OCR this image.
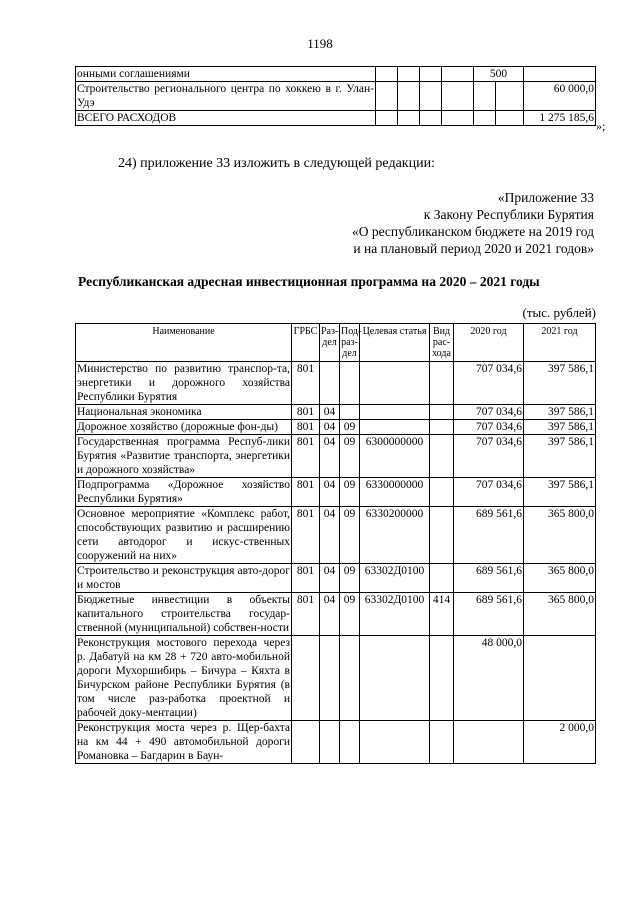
1198
онными соглашениями					500		
Строительство регионального центра по хоккею в г. Улан-Удэ							60 000,0
ВСЕГО РАСХОДОВ							1 275 185,6
»;
24) приложение 33 изложить в следующей редакции:
«Приложение 33
к Закону Республики Бурятия
«О республиканском бюджете на 2019 год
и на плановый период 2020 и 2021 годов»
Республиканская адресная инвестиционная программа на 2020 – 2021 годы
(тыс. рублей)
Наименование	ГРБС	Раз-дел	Под-раз-дел	Целевая статья	Вид рас-хода	2020 год	2021 год
Министерство по развитию транспор-та, энергетики и дорожного хозяйства Республики Бурятия	801					707 034,6	397 586,1
Национальная экономика	801	04				707 034,6	397 586,1
Дорожное хозяйство (дорожные фон-ды)	801	04	09			707 034,6	397 586,1
Государственная программа Респуб-лики Бурятия «Развитие транспорта, энергетики и дорожного хозяйства»	801	04	09	6300000000		707 034,6	397 586,1
Подпрограмма «Дорожное хозяйство Республики Бурятия»	801	04	09	6330000000		707 034,6	397 586,1
Основное мероприятие «Комплекс работ, способствующих развитию и расширению сети автодорог и искус-ственных сооружений на них»	801	04	09	6330200000		689 561,6	365 800,0
Строительство и реконструкция авто-дорог и мостов	801	04	09	63302Д0100		689 561,6	365 800,0
Бюджетные инвестиции в объекты капитального строительства государ-ственной (муниципальной) собствен-ности	801	04	09	63302Д0100	414	689 561,6	365 800,0
Реконструкция мостового перехода через р. Дабатуй на км 28 + 720 авто-мобильной дороги Мухоршибирь – Бичура – Кяхта в Бичурском районе Республики Бурятия (в том числе раз-работка проектной и рабочей доку-ментации)						48 000,0	
Реконструкция моста через р. Щер-бахта на км 44 + 490 автомобильной дороги Романовка – Багдарин в Баун-							2 000,0
